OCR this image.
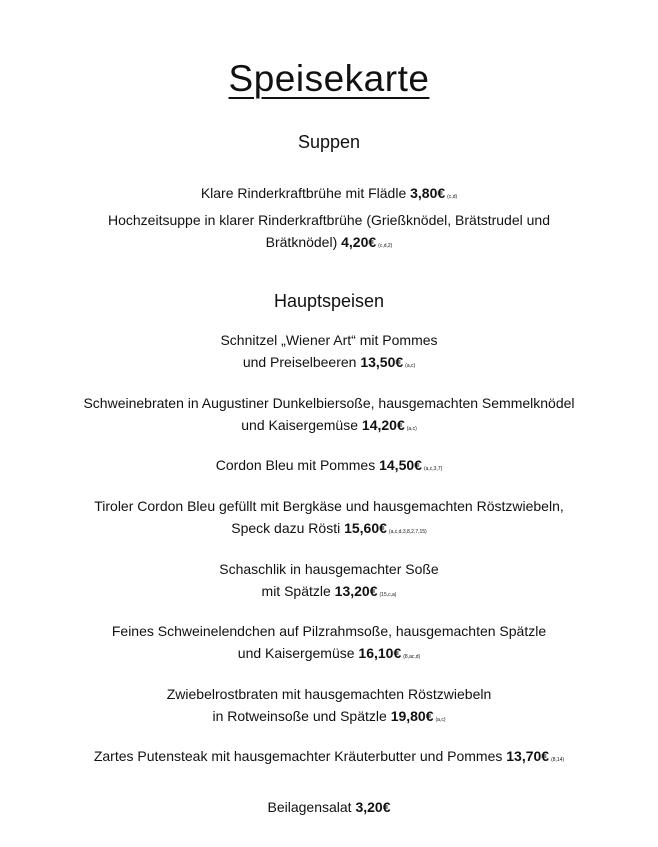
Speisekarte
Suppen
Klare Rinderkraftbrühe mit Flädle 3,80€ (c,d)
Hochzeitsuppe in klarer Rinderkraftbrühe (Grießknödel, Brätstrudel und
Brätknödel) 4,20€ (c,d,2)
Hauptspeisen
Schnitzel „Wiener Art“ mit Pommes
und Preiselbeeren 13,50€ (a,c)
Schweinebraten in Augustiner Dunkelbiersoße, hausgemachten Semmelknödel
und Kaisergemüse 14,20€ (a,c)
Cordon Bleu mit Pommes 14,50€ (a,c,3,7)
Tiroler Cordon Bleu gefüllt mit Bergkäse und hausgemachten Röstzwiebeln,
Speck dazu Rösti 15,60€ (a,c,d,3,8,2,7,15)
Schaschlik in hausgemachter Soße
mit Spätzle 13,20€ (15,c,a)
Feines Schweinelendchen auf Pilzrahmsoße, hausgemachten Spätzle
und Kaisergemüse 16,10€ (8,ac,d)
Zwiebelrostbraten mit hausgemachten Röstzwiebeln
in Rotweinsoße und Spätzle 19,80€ (a,c)
Zartes Putensteak mit hausgemachter Kräuterbutter und Pommes 13,70€ (8,14)
Beilagensalat 3,20€
